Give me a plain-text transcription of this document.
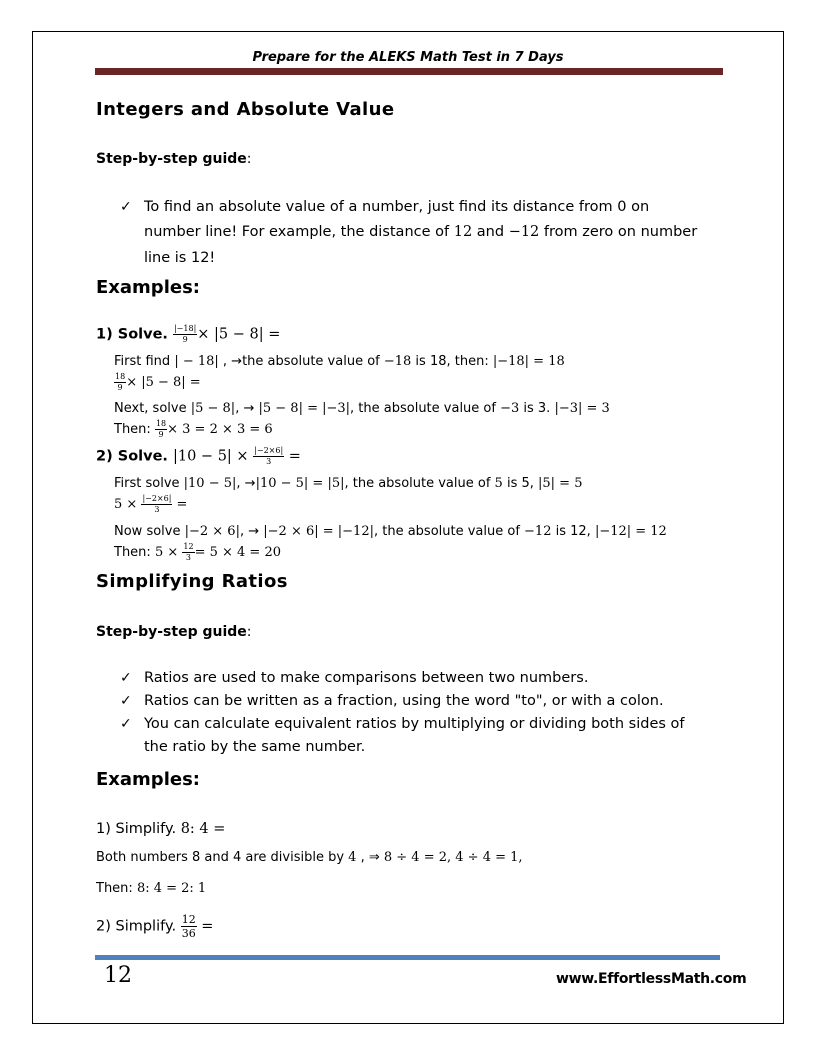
Prepare for the ALEKS Math Test in 7 Days
Integers and Absolute Value
Step-by-step guide:
✓ To find an absolute value of a number, just find its distance from 0 on
number line! For example, the distance of 12 and −12 from zero on number
line is 12!
Examples:
1) Solve. $\frac{|-18|}{9} \times |5 - 8|$ =
First find | − 18| , →the absolute value of −18 is 18, then: |−18| = 18
$\frac{18}{9} \times |5 - 8|$ =
Next, solve |5 − 8|, → |5 − 8| = |−3|, the absolute value of −3 is 3. |−3| = 3
Then: $\frac{18}{9} \times 3 = 2 \times 3 = 6$
2) Solve. $|10 - 5| \times \frac{|-2\times 6|}{3}$ =
First solve |10 − 5|, →|10 − 5| = |5|, the absolute value of 5 is 5, |5| = 5
$5 \times \frac{|-2\times 6|}{3}$ =
Now solve |−2 × 6|, → |−2 × 6| = |−12|, the absolute value of −12 is 12, |−12| = 12
Then: $5 \times \frac{12}{3} = 5 \times 4 = 20$
Simplifying Ratios
Step-by-step guide:
✓ Ratios are used to make comparisons between two numbers.
✓ Ratios can be written as a fraction, using the word "to", or with a colon.
✓ You can calculate equivalent ratios by multiplying or dividing both sides of
the ratio by the same number.
Examples:
1) Simplify. 8: 4 =
Both numbers 8 and 4 are divisible by 4 , ⇒ 8 ÷ 4 = 2, 4 ÷ 4 = 1,
Then: 8: 4 = 2: 1
2) Simplify. $\frac{12}{36}$ =
12	www.EffortlessMath.com
